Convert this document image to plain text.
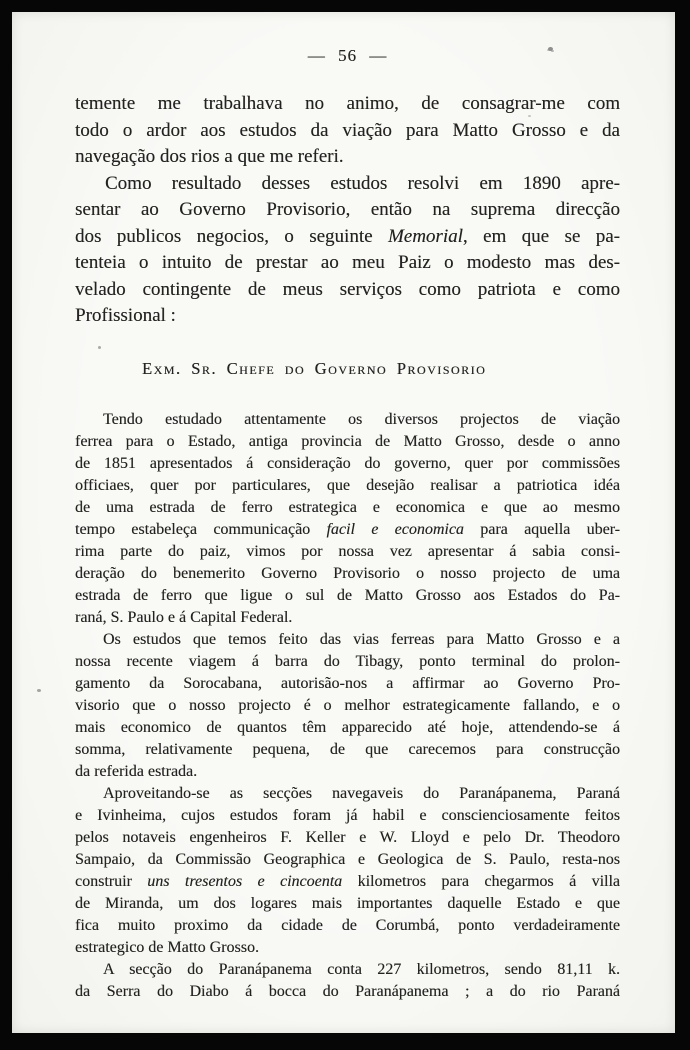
— 56 —
temente me trabalhava no animo, de consagrar-me com
todo o ardor aos estudos da viação para Matto Grosso e da
navegação dos rios a que me referi.
Como resultado desses estudos resolvi em 1890 apre-
sentar ao Governo Provisorio, então na suprema direcção
dos publicos negocios, o seguinte Memorial, em que se pa-
tenteia o intuito de prestar ao meu Paiz o modesto mas des-
velado contingente de meus serviços como patriota e como
Profissional :
Exm. Sr. Chefe do Governo Provisorio
Tendo estudado attentamente os diversos projectos de viação
ferrea para o Estado, antiga provincia de Matto Grosso, desde o anno
de 1851 apresentados á consideração do governo, quer por commissões
officiaes, quer por particulares, que desejão realisar a patriotica idéa
de uma estrada de ferro estrategica e economica e que ao mesmo
tempo estabeleça communicação facil e economica para aquella uber-
rima parte do paiz, vimos por nossa vez apresentar á sabia consi-
deração do benemerito Governo Provisorio o nosso projecto de uma
estrada de ferro que ligue o sul de Matto Grosso aos Estados do Pa-
raná, S. Paulo e á Capital Federal.
Os estudos que temos feito das vias ferreas para Matto Grosso e a
nossa recente viagem á barra do Tibagy, ponto terminal do prolon-
gamento da Sorocabana, autorisão-nos a affirmar ao Governo Pro-
visorio que o nosso projecto é o melhor estrategicamente fallando, e o
mais economico de quantos têm apparecido até hoje, attendendo-se á
somma, relativamente pequena, de que carecemos para construcção
da referida estrada.
Aproveitando-se as secções navegaveis do Paranápanema, Paraná
e Ivinheima, cujos estudos foram já habil e conscienciosamente feitos
pelos notaveis engenheiros F. Keller e W. Lloyd e pelo Dr. Theodoro
Sampaio, da Commissão Geographica e Geologica de S. Paulo, resta-nos
construir uns tresentos e cincoenta kilometros para chegarmos á villa
de Miranda, um dos logares mais importantes daquelle Estado e que
fica muito proximo da cidade de Corumbá, ponto verdadeiramente
estrategico de Matto Grosso.
A secção do Paranápanema conta 227 kilometros, sendo 81,11 k.
da Serra do Diabo á bocca do Paranápanema ; a do rio Paraná
